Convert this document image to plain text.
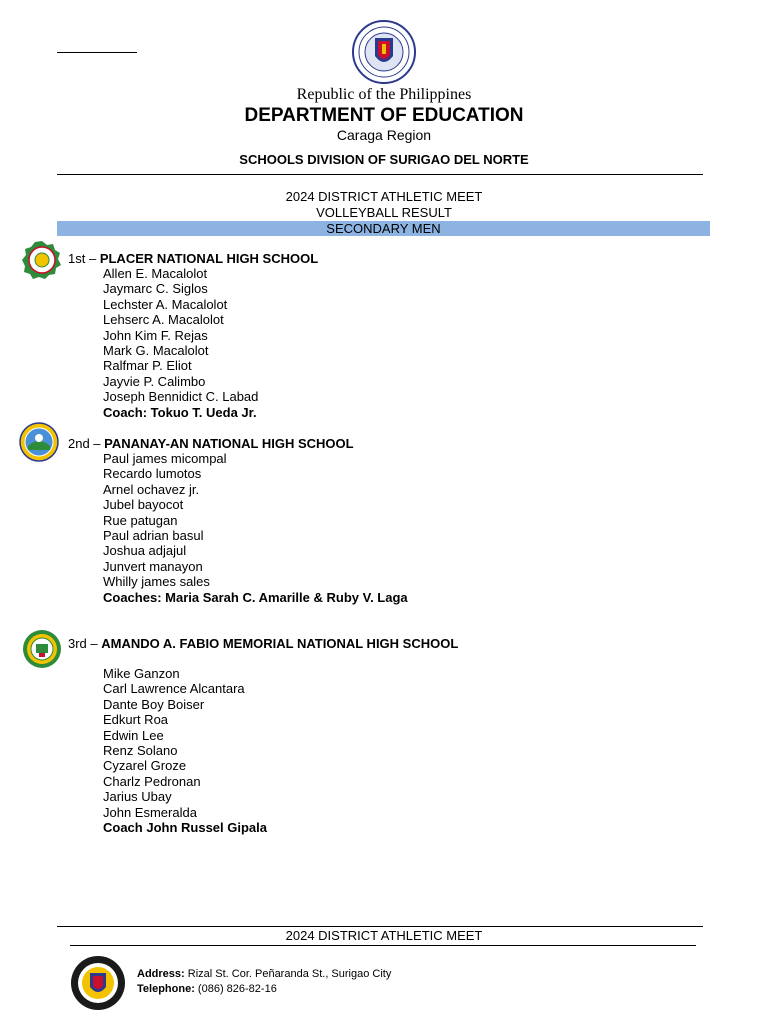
Republic of the Philippines
DEPARTMENT OF EDUCATION
Caraga Region
SCHOOLS DIVISION OF SURIGAO DEL NORTE
2024 DISTRICT ATHLETIC MEET
VOLLEYBALL RESULT
SECONDARY MEN
1st – PLACER NATIONAL HIGH SCHOOL
Allen E. Macalolot
Jaymarc C. Siglos
Lechster A. Macalolot
Lehserc A. Macalolot
John Kim F. Rejas
Mark G. Macalolot
Ralfmar P. Eliot
Jayvie P. Calimbo
Joseph Bennidict C. Labad
Coach: Tokuo T. Ueda Jr.
2nd – PANANAY-AN NATIONAL HIGH SCHOOL
Paul james micompal
Recardo lumotos
Arnel ochavez jr.
Jubel bayocot
Rue patugan
Paul adrian basul
Joshua adjajul
Junvert manayon
Whilly james sales
Coaches: Maria Sarah C. Amarille & Ruby V. Laga
3rd – AMANDO A. FABIO MEMORIAL NATIONAL HIGH SCHOOL
Mike Ganzon
Carl Lawrence Alcantara
Dante Boy Boiser
Edkurt Roa
Edwin Lee
Renz Solano
Cyzarel Groze
Charlz Pedronan
Jarius Ubay
John Esmeralda
Coach John Russel Gipala
2024 DISTRICT ATHLETIC MEET
Address: Rizal St. Cor. Peñaranda St., Surigao City
Telephone: (086) 826-82-16
